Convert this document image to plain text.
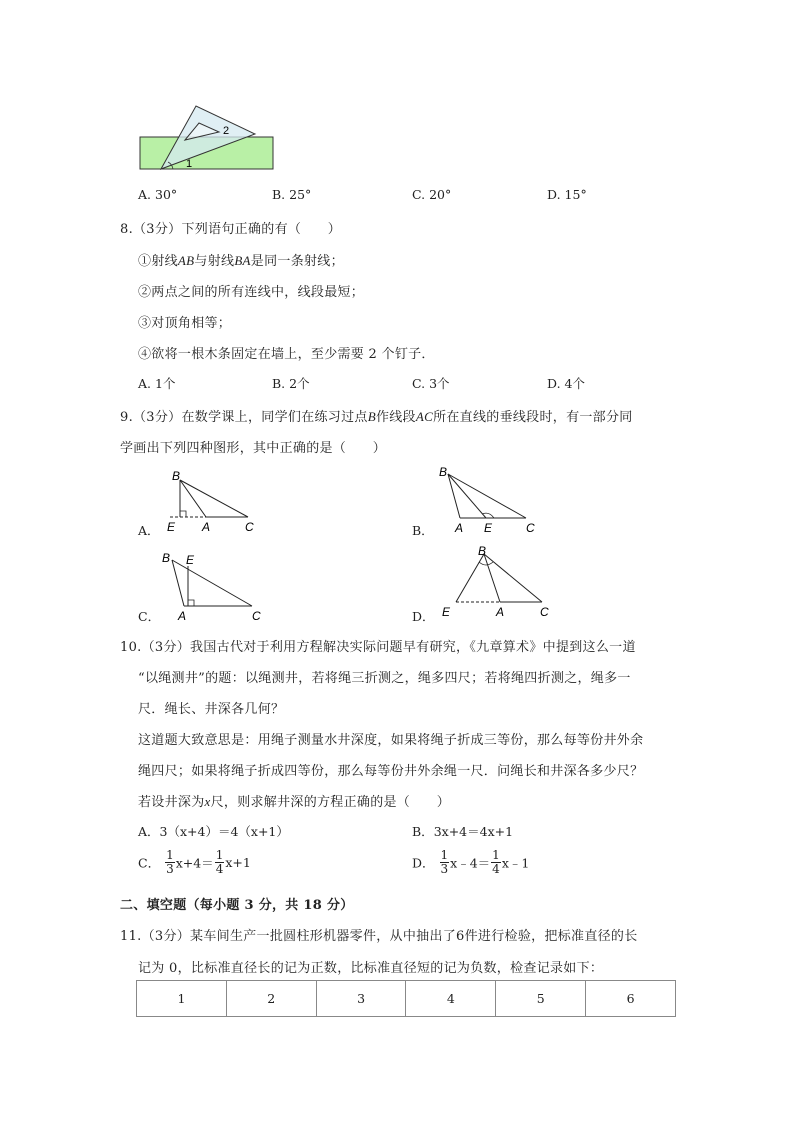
2
1
A. 30°	B. 25°	C. 20°	D. 15°
8.（3分）下列语句正确的有（　　）
①射线AB与射线BA是同一条射线；
②两点之间的所有连线中，线段最短；
③对顶角相等；
④欲将一根木条固定在墙上，至少需要 2 个钉子．
A. 1个	B. 2个	C. 3个	D. 4个
9.（3分）在数学课上，同学们在练习过点B作线段AC所在直线的垂线段时，有一部分同
学画出下列四种图形，其中正确的是（　　）
A．
B
E A	C	B．
B
A E	C
C．
B E
A	C	D．
B
E	A	C
10.（3分）我国古代对于利用方程解决实际问题早有研究，《九章算术》中提到这么一道
“以绳测井”的题：以绳测井，若将绳三折测之，绳多四尺；若将绳四折测之，绳多一
尺．绳长、井深各几何？
这道题大致意思是：用绳子测量水井深度，如果将绳子折成三等份，那么每等份井外余
绳四尺；如果将绳子折成四等份，那么每等份井外余绳一尺．问绳长和井深各多少尺？
若设井深为x尺，则求解井深的方程正确的是（　　）
A．3（x+4）＝4（x+1）	B．3x+4＝4x+1
C． $\frac{1}{3} x+4= \frac{1}{4} x+1$	D． $\frac{1}{3}$ x﹣4＝ $\frac{1}{4}$ x﹣1
二、填空题（每小题 3 分，共 18 分）
11.（3分）某车间生产一批圆柱形机器零件，从中抽出了6件进行检验，把标准直径的长
记为 0，比标准直径长的记为正数，比标准直径短的记为负数，检查记录如下：
1	2	3	4	5	6
